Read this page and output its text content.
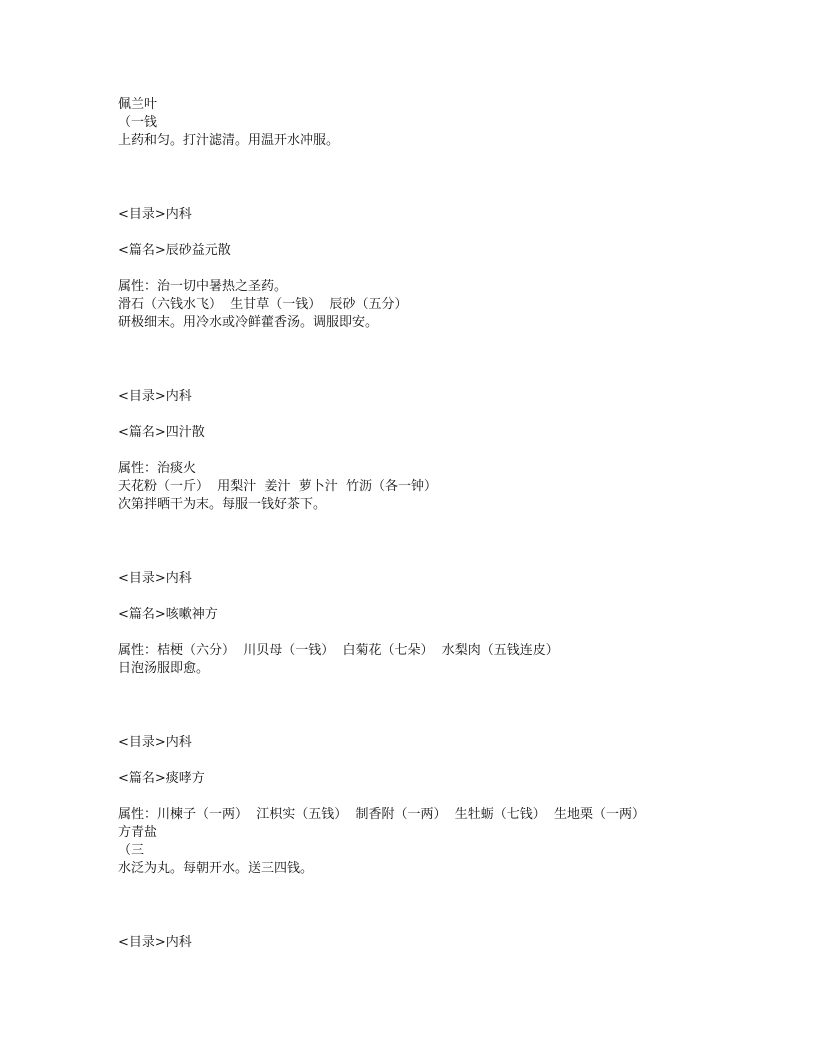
佩兰叶
（一钱
上药和匀。打汁滤清。用温开水冲服。
<目录>内科
<篇名>辰砂益元散
属性：治一切中暑热之圣药。
滑石（六钱水飞）  生甘草（一钱）  辰砂（五分）
研极细末。用冷水或冷鲜藿香汤。调服即安。
<目录>内科
<篇名>四汁散
属性：治痰火
天花粉（一斤）  用梨汁  姜汁  萝卜汁  竹沥（各一钟）
次第拌晒干为末。每服一钱好茶下。
<目录>内科
<篇名>咳嗽神方
属性：桔梗（六分）  川贝母（一钱）  白菊花（七朵）  水梨肉（五钱连皮）
日泡汤服即愈。
<目录>内科
<篇名>痰哮方
属性：川楝子（一两）  江枳实（五钱）  制香附（一两）  生牡蛎（七钱）  生地栗（一两）
方青盐
（三
水泛为丸。每朝开水。送三四钱。
<目录>内科
